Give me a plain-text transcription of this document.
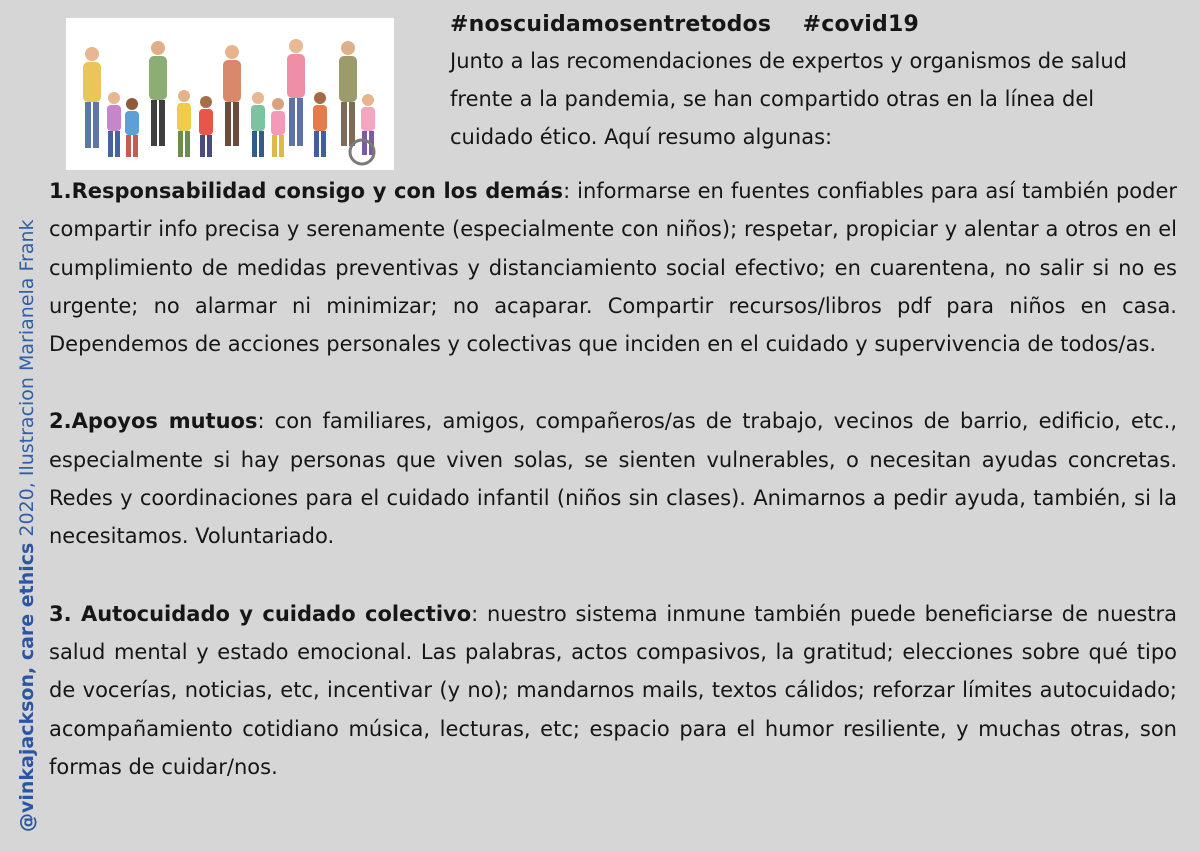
@vinkajackson, care ethics 2020, Ilustracion Marianela Frank
#noscuidamosentretodos    #covid19

Junto a las recomendaciones de expertos y organismos de salud frente a la pandemia, se han compartido otras en la línea del cuidado ético. Aquí resumo algunas:

1.Responsabilidad consigo y con los demás: informarse en fuentes confiables para así también poder compartir info precisa y serenamente (especialmente con niños); respetar, propiciar y alentar a otros en el cumplimiento de medidas preventivas y distanciamiento social efectivo; en cuarentena, no salir si no es urgente; no alarmar ni minimizar; no acaparar. Compartir recursos/libros pdf para niños en casa. Dependemos de acciones personales y colectivas que inciden en el cuidado y supervivencia de todos/as.

2.Apoyos mutuos: con familiares, amigos, compañeros/as de trabajo, vecinos de barrio, edificio, etc., especialmente si hay personas que viven solas, se sienten vulnerables, o necesitan ayudas concretas. Redes y coordinaciones para el cuidado infantil (niños sin clases). Animarnos a pedir ayuda, también, si la necesitamos. Voluntariado.

3. Autocuidado y cuidado colectivo: nuestro sistema inmune también puede beneficiarse de nuestra salud mental y estado emocional. Las palabras, actos compasivos, la gratitud; elecciones sobre qué tipo de vocerías, noticias, etc, incentivar (y no); mandarnos mails, textos cálidos; reforzar límites autocuidado; acompañamiento cotidiano música, lecturas, etc; espacio para el humor resiliente, y muchas otras, son formas de cuidar/nos.
